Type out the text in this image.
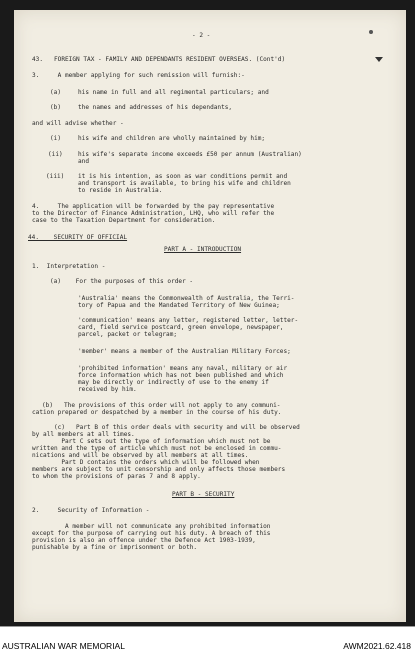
- 2 -
43.   FOREIGN TAX - FAMILY AND DEPENDANTS RESIDENT OVERSEAS. (Cont'd)
3.     A member applying for such remission will furnish:-
(a)	his name in full and all regimental particulars; and
(b)	the names and addresses of his dependants,
and will advise whether -
(i)	his wife and children are wholly maintained by him;
(ii)	his wife's separate income exceeds £50 per annum (Australian)
and
(iii) it is his intention, as soon as war conditions permit and
and transport is available, to bring his wife and children
to reside in Australia.
4.     The application will be forwarded by the pay representative
to the Director of Finance Administration, LHQ, who will refer the
case to the Taxation Department for consideration.
44.    SECURITY OF OFFICIAL
PART A - INTRODUCTION
1.  Interpretation -
(a)    For the purposes of this order -
'Australia' means the Commonwealth of Australia, the Terri-
tory of Papua and the Mandated Territory of New Guinea;
'communication' means any letter, registered letter, letter-
card, field service postcard, green envelope, newspaper,
parcel, packet or telegram;
'member' means a member of the Australian Military Forces;
'prohibited information' means any naval, military or air
force information which has not been published and which
may be directly or indirectly of use to the enemy if
received by him.
(b)   The provisions of this order will not apply to any communi-
cation prepared or despatched by a member in the course of his duty.
(c)   Part B of this order deals with security and will be observed
by all members at all times.
Part C sets out the type of information which must not be
written and the type of article which must not be enclosed in commu-
nications and will be observed by all members at all times.
Part D contains the orders which will be followed when
members are subject to unit censorship and only affects those members
to whom the provisions of paras 7 and 8 apply.
PART B - SECURITY
2.     Security of Information -
A member will not communicate any prohibited information
except for the purpose of carrying out his duty. A breach of this
provision is also an offence under the Defence Act 1903-1939,
punishable by a fine or imprisonment or both.
AUSTRALIAN WAR MEMORIAL	AWM2021.62.418
